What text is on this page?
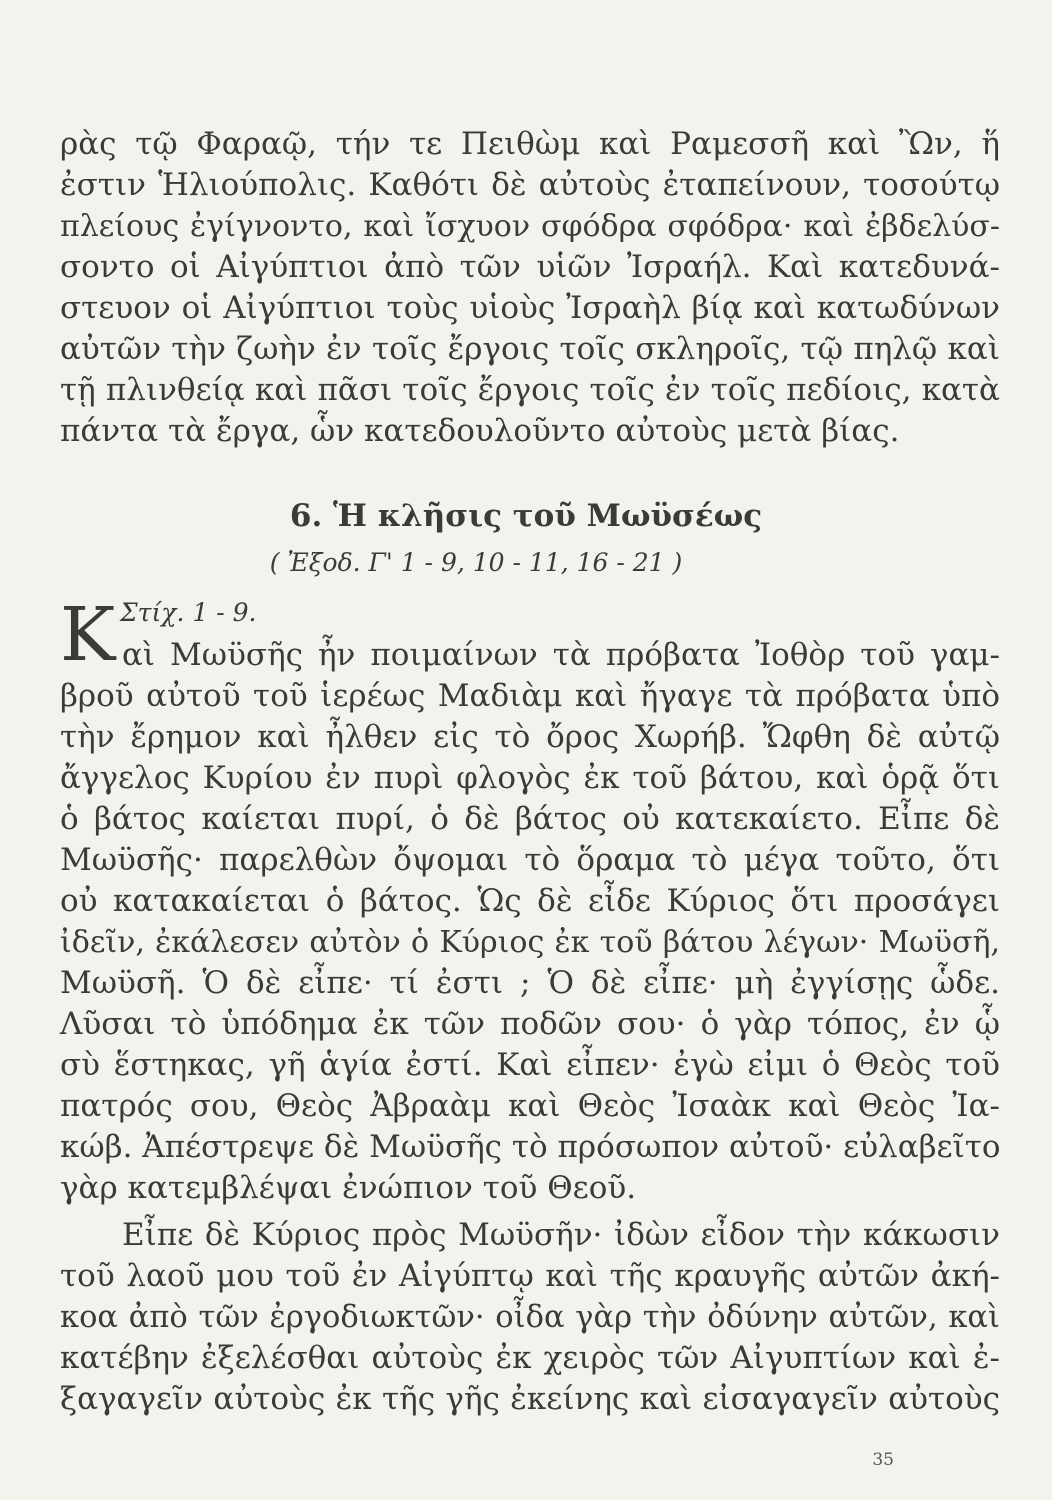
ρὰς τῷ Φαραῷ, τήν τε Πειθὼμ καὶ Ραμεσσῆ καὶ Ὢν, ἥ
ἐστιν Ἡλιούπολις. Καθότι δὲ αὐτοὺς ἐταπείνουν, τοσούτῳ
πλείους ἐγίγνοντο, καὶ ἴσχυον σφόδρα σφόδρα· καὶ ἐβδελύσ-
σοντο οἱ Αἰγύπτιοι ἀπὸ τῶν υἱῶν Ἰσραήλ. Καὶ κατεδυνά-
στευον οἱ Αἰγύπτιοι τοὺς υἱοὺς Ἰσραὴλ βίᾳ καὶ κατωδύνων
αὐτῶν τὴν ζωὴν ἐν τοῖς ἔργοις τοῖς σκληροῖς, τῷ πηλῷ καὶ
τῇ πλινθείᾳ καὶ πᾶσι τοῖς ἔργοις τοῖς ἐν τοῖς πεδίοις, κατὰ
πάντα τὰ ἔργα, ὧν κατεδουλοῦντο αὐτοὺς μετὰ βίας.
6. Ἡ κλῆσις τοῦ Μωϋσέως
( Ἐξοδ. Γ' 1 - 9, 10 - 11, 16 - 21 )
Κ Στίχ. 1 - 9.
αὶ Μωϋσῆς ἦν ποιμαίνων τὰ πρόβατα Ἰοθὸρ τοῦ γαμ-
βροῦ αὐτοῦ τοῦ ἱερέως Μαδιὰμ καὶ ἤγαγε τὰ πρόβατα ὑπὸ
τὴν ἔρημον καὶ ἦλθεν εἰς τὸ ὄρος Χωρήβ. Ὤφθη δὲ αὐτῷ
ἄγγελος Κυρίου ἐν πυρὶ φλογὸς ἐκ τοῦ βάτου, καὶ ὁρᾷ ὅτι
ὁ βάτος καίεται πυρί, ὁ δὲ βάτος οὐ κατεκαίετο. Εἶπε δὲ
Μωϋσῆς· παρελθὼν ὄψομαι τὸ ὅραμα τὸ μέγα τοῦτο, ὅτι
οὐ κατακαίεται ὁ βάτος. Ὡς δὲ εἶδε Κύριος ὅτι προσάγει
ἰδεῖν, ἐκάλεσεν αὐτὸν ὁ Κύριος ἐκ τοῦ βάτου λέγων· Μωϋσῆ,
Μωϋσῆ. Ὁ δὲ εἶπε· τί ἐστι ; Ὁ δὲ εἶπε· μὴ ἐγγίσῃς ὧδε.
Λῦσαι τὸ ὑπόδημα ἐκ τῶν ποδῶν σου· ὁ γὰρ τόπος, ἐν ᾧ
σὺ ἕστηκας, γῆ ἁγία ἐστί. Καὶ εἶπεν· ἐγὼ εἰμι ὁ Θεὸς τοῦ
πατρός σου, Θεὸς Ἀβραὰμ καὶ Θεὸς Ἰσαὰκ καὶ Θεὸς Ἰα-
κώβ. Ἀπέστρεψε δὲ Μωϋσῆς τὸ πρόσωπον αὐτοῦ· εὐλαβεῖτο
γὰρ κατεμβλέψαι ἐνώπιον τοῦ Θεοῦ.
Εἶπε δὲ Κύριος πρὸς Μωϋσῆν· ἰδὼν εἶδον τὴν κάκωσιν
τοῦ λαοῦ μου τοῦ ἐν Αἰγύπτῳ καὶ τῆς κραυγῆς αὐτῶν ἀκή-
κοα ἀπὸ τῶν ἐργοδιωκτῶν· οἶδα γὰρ τὴν ὀδύνην αὐτῶν, καὶ
κατέβην ἐξελέσθαι αὐτοὺς ἐκ χειρὸς τῶν Αἰγυπτίων καὶ ἐ-
ξαγαγεῖν αὐτοὺς ἐκ τῆς γῆς ἐκείνης καὶ εἰσαγαγεῖν αὐτοὺς
35
